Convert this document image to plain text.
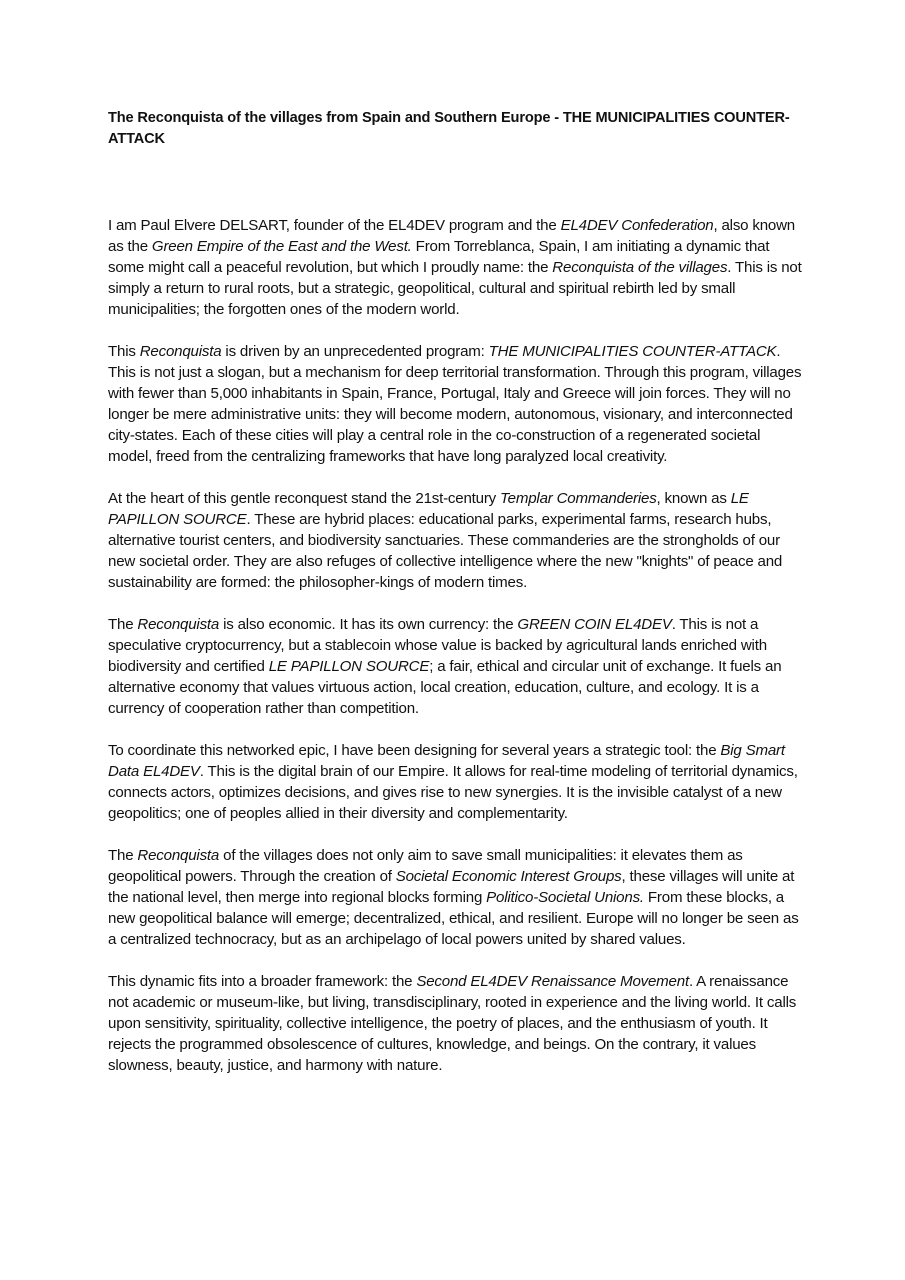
The Reconquista of the villages from Spain and Southern Europe - THE MUNICIPALITIES COUNTER-ATTACK

I am Paul Elvere DELSART, founder of the EL4DEV program and the EL4DEV Confederation, also known as the Green Empire of the East and the West. From Torreblanca, Spain, I am initiating a dynamic that some might call a peaceful revolution, but which I proudly name: the Reconquista of the villages. This is not simply a return to rural roots, but a strategic, geopolitical, cultural and spiritual rebirth led by small municipalities; the forgotten ones of the modern world.

This Reconquista is driven by an unprecedented program: THE MUNICIPALITIES COUNTER-ATTACK. This is not just a slogan, but a mechanism for deep territorial transformation. Through this program, villages with fewer than 5,000 inhabitants in Spain, France, Portugal, Italy and Greece will join forces. They will no longer be mere administrative units: they will become modern, autonomous, visionary, and interconnected city-states. Each of these cities will play a central role in the co-construction of a regenerated societal model, freed from the centralizing frameworks that have long paralyzed local creativity.

At the heart of this gentle reconquest stand the 21st-century Templar Commanderies, known as LE PAPILLON SOURCE. These are hybrid places: educational parks, experimental farms, research hubs, alternative tourist centers, and biodiversity sanctuaries. These commanderies are the strongholds of our new societal order. They are also refuges of collective intelligence where the new "knights" of peace and sustainability are formed: the philosopher-kings of modern times.

The Reconquista is also economic. It has its own currency: the GREEN COIN EL4DEV. This is not a speculative cryptocurrency, but a stablecoin whose value is backed by agricultural lands enriched with biodiversity and certified LE PAPILLON SOURCE; a fair, ethical and circular unit of exchange. It fuels an alternative economy that values virtuous action, local creation, education, culture, and ecology. It is a currency of cooperation rather than competition.

To coordinate this networked epic, I have been designing for several years a strategic tool: the Big Smart Data EL4DEV. This is the digital brain of our Empire. It allows for real-time modeling of territorial dynamics, connects actors, optimizes decisions, and gives rise to new synergies. It is the invisible catalyst of a new geopolitics; one of peoples allied in their diversity and complementarity.

The Reconquista of the villages does not only aim to save small municipalities: it elevates them as geopolitical powers. Through the creation of Societal Economic Interest Groups, these villages will unite at the national level, then merge into regional blocks forming Politico-Societal Unions. From these blocks, a new geopolitical balance will emerge; decentralized, ethical, and resilient. Europe will no longer be seen as a centralized technocracy, but as an archipelago of local powers united by shared values.

This dynamic fits into a broader framework: the Second EL4DEV Renaissance Movement. A renaissance not academic or museum-like, but living, transdisciplinary, rooted in experience and the living world. It calls upon sensitivity, spirituality, collective intelligence, the poetry of places, and the enthusiasm of youth. It rejects the programmed obsolescence of cultures, knowledge, and beings. On the contrary, it values slowness, beauty, justice, and harmony with nature.
